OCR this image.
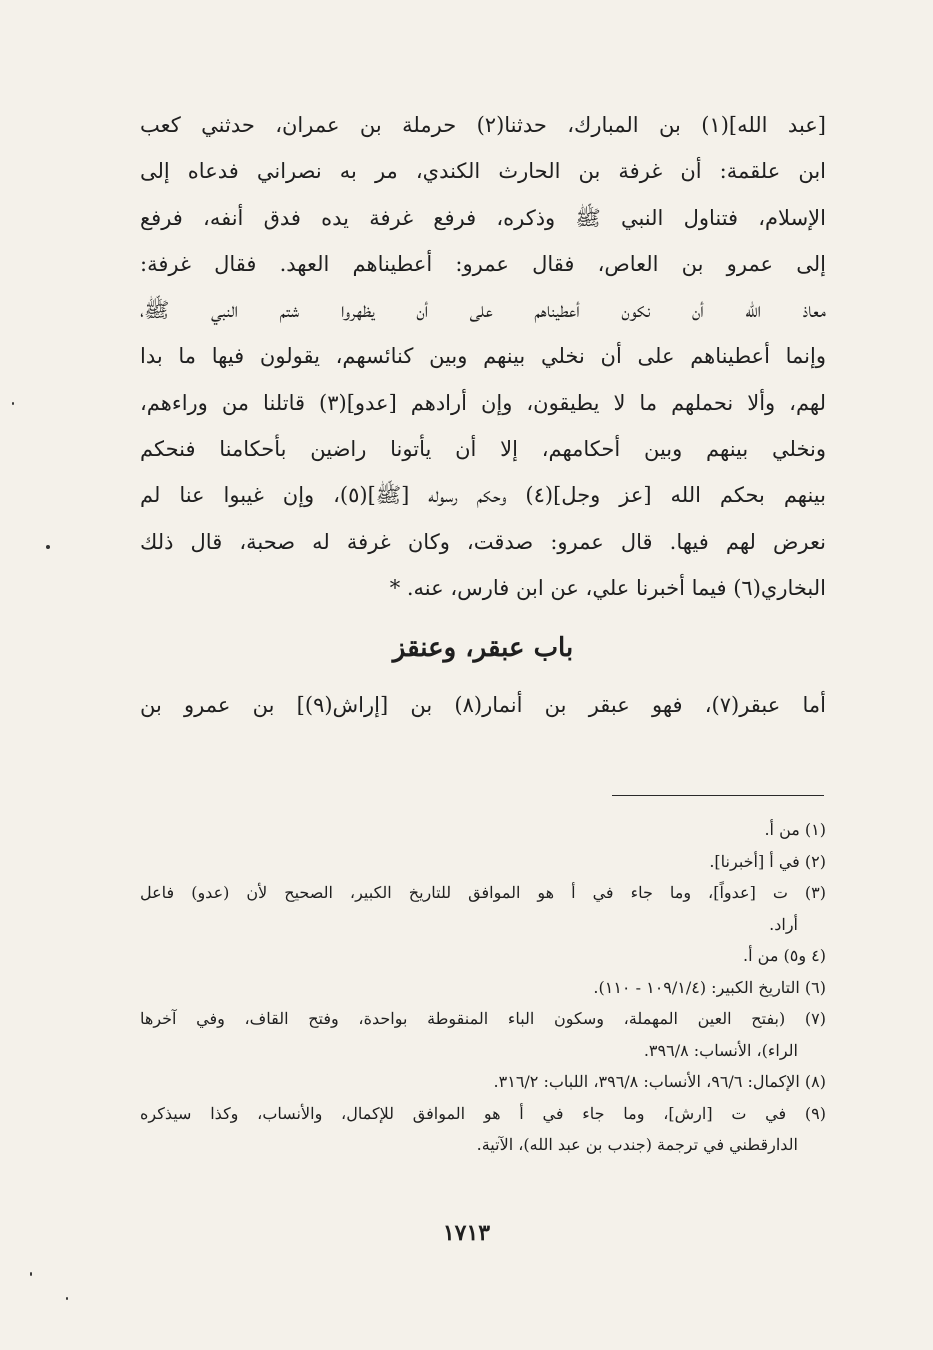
[عبد الله](١) بن المبارك، حدثنا(٢) حرملة بن عمران، حدثني كعب
ابن علقمة: أن غرفة بن الحارث الكندي، مر به نصراني فدعاه إلى
الإسلام، فتناول النبي ﷺ وذكره، فرفع غرفة يده فدق أنفه، فرفع
إلى عمرو بن العاص، فقال عمرو: أعطيناهم العهد. فقال غرفة:
معاذ الله أن نكون أعطيناهم على أن يظهروا شتم النبي ﷺ،
وإنما أعطيناهم على أن نخلي بينهم وبين كنائسهم، يقولون فيها ما بدا
لهم، وألا نحملهم ما لا يطيقون، وإن أرادهم [عدو](٣) قاتلنا من وراءهم،
ونخلي بينهم وبين أحكامهم، إلا أن يأتونا راضين بأحكامنا فنحكم
بينهم بحكم الله [عز وجل](٤) وحكم رسوله [ﷺ](٥)، وإن غيبوا عنا لم
نعرض لهم فيها. قال عمرو: صدقت، وكان غرفة له صحبة، قال ذلك
البخاري(٦) فيما أخبرنا علي، عن ابن فارس، عنه. *
باب عبقر، وعنقز
أما عبقر(٧)، فهو عبقر بن أنمار(٨) بن [إراش(٩)] بن عمرو بن
(١) من أ.
(٢) في أ [أخبرنا].
(٣) ت [عدواً]، وما جاء في أ هو الموافق للتاريخ الكبير، الصحيح لأن (عدو) فاعل
أراد.
(٤ و٥) من أ.
(٦) التاريخ الكبير: (١٠٩/١/٤ - ١١٠).
(٧) (بفتح العين المهملة، وسكون الباء المنقوطة بواحدة، وفتح القاف، وفي آخرها
الراء)، الأنساب: ٣٩٦/٨.
(٨) الإكمال: ٩٦/٦، الأنساب: ٣٩٦/٨، اللباب: ٣١٦/٢.
(٩) في ت [ارش]، وما جاء في أ هو الموافق للإكمال، والأنساب، وكذا سيذكره
الدارقطني في ترجمة (جندب بن عبد الله)، الآتية.
١٧١٣
